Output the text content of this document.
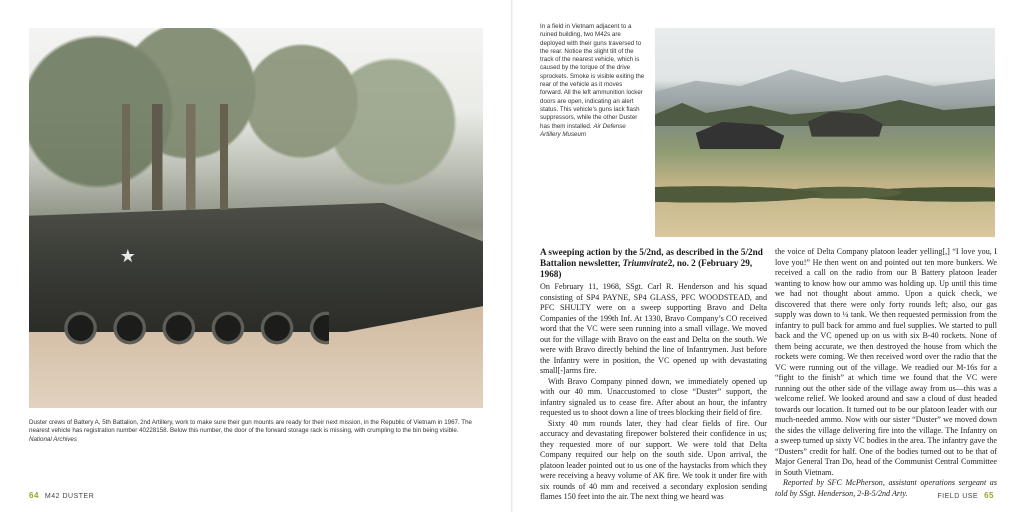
★
Duster crews of Battery A, 5th Battalion, 2nd Artillery, work to make sure their gun mounts are ready for their next mission, in the Republic of Vietnam in 1967. The nearest vehicle has registration number 40228158. Below this number, the door of the forward storage rack is missing, with crumpling to the bin being visible. National Archives
64 M42 DUSTER
In a field in Vietnam adjacent to a ruined building, two M42s are deployed with their guns traversed to the rear. Notice the slight tilt of the track of the nearest vehicle, which is caused by the torque of the drive sprockets. Smoke is visible exiting the rear of the vehicle as it moves forward. All the left ammunition locker doors are open, indicating an alert status. This vehicle’s guns lack flash suppressors, while the other Duster has them installed. Air Defense Artillery Museum
A sweeping action by the 5/2nd, as described in the 5/2nd Battalion newsletter, Triumvirate2, no. 2 (February 29, 1968)

On February 11, 1968, SSgt. Carl R. Henderson and his squad consisting of SP4 PAYNE, SP4 GLASS, PFC WOODSTEAD, and PFC SHULTY were on a sweep supporting Bravo and Delta Companies of the 199th Inf. At 1330, Bravo Company’s CO received word that the VC were seen running into a small village. We moved out for the village with Bravo on the east and Delta on the south. We were with Bravo directly behind the line of Infantrymen. Just before the Infantry were in position, the VC opened up with devastating small[-]arms fire.

With Bravo Company pinned down, we immediately opened up with our 40 mm. Unaccustomed to close “Duster” support, the infantry signaled us to cease fire. After about an hour, the infantry requested us to shoot down a line of trees blocking their field of fire.

Sixty 40 mm rounds later, they had clear fields of fire. Our accuracy and devastating firepower bolstered their confidence in us; they requested more of our support. We were told that Delta Company required our help on the south side. Upon arrival, the platoon leader pointed out to us one of the haystacks from which they were receiving a heavy volume of AK fire. We took it under fire with six rounds of 40 mm and received a secondary explosion sending flames 150 feet into the air. The next thing we heard was

the voice of Delta Company platoon leader yelling[,] “I love you, I love you!” He then went on and pointed out ten more bunkers. We received a call on the radio from our B Battery platoon leader wanting to know how our ammo was holding up. Up until this time we had not thought about ammo. Upon a quick check, we discovered that there were only forty rounds left; also, our gas supply was down to ¼ tank. We then requested permission from the infantry to pull back for ammo and fuel supplies. We started to pull back and the VC opened up on us with six B-40 rockets. None of them being accurate, we then destroyed the house from which the rockets were coming. We then received word over the radio that the VC were running out of the village. We readied our M-16s for a “fight to the finish” at which time we found that the VC were running out the other side of the village away from us—this was a welcome relief. We looked around and saw a cloud of dust headed towards our location. It turned out to be our platoon leader with our much-needed ammo. Now with our sister “Duster” we moved down the sides the village delivering fire into the village. The Infantry on a sweep turned up sixty VC bodies in the area. The infantry gave the “Dusters” credit for half. One of the bodies turned out to be that of Major General Tran Do, head of the Communist Central Committee in South Vietnam.

Reported by SFC McPherson, assistant operations sergeant as told by SSgt. Henderson, 2-B-5/2nd Arty.	FIELD USE 65
